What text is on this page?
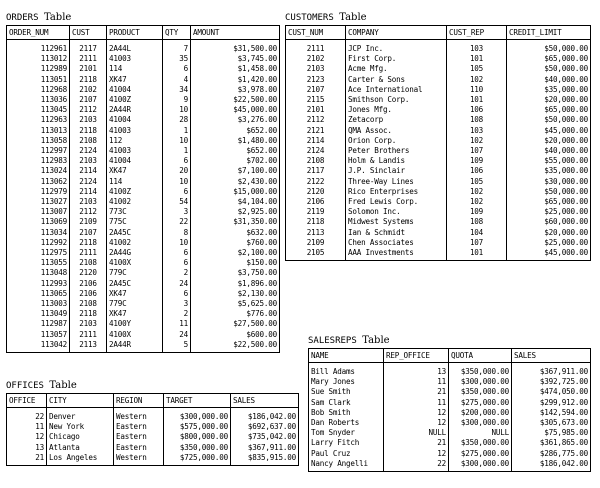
ORDERS Table
ORDER_NUM	CUST	PRODUCT	QTY	AMOUNT
112961	2117	2A44L	7	$31,500.00
113012	2111	41003	35	$3,745.00
112989	2101	114	6	$1,458.00
113051	2118	XK47	4	$1,420.00
112968	2102	41004	34	$3,978.00
113036	2107	4100Z	9	$22,500.00
113045	2112	2A44R	10	$45,000.00
112963	2103	41004	28	$3,276.00
113013	2118	41003	1	$652.00
113058	2108	112	10	$1,480.00
112997	2124	41003	1	$652.00
112983	2103	41004	6	$702.00
113024	2114	XK47	20	$7,100.00
113062	2124	114	10	$2,430.00
112979	2114	4100Z	6	$15,000.00
113027	2103	41002	54	$4,104.00
113007	2112	773C	3	$2,925.00
113069	2109	775C	22	$31,350.00
113034	2107	2A45C	8	$632.00
112992	2118	41002	10	$760.00
112975	2111	2A44G	6	$2,100.00
113055	2108	4100X	6	$150.00
113048	2120	779C	2	$3,750.00
112993	2106	2A45C	24	$1,896.00
113065	2106	XK47	6	$2,130.00
113003	2108	779C	3	$5,625.00
113049	2118	XK47	2	$776.00
112987	2103	4100Y	11	$27,500.00
113057	2111	4100X	24	$600.00
113042	2113	2A44R	5	$22,500.00
CUSTOMERS Table
CUST_NUM	COMPANY	CUST_REP	CREDIT_LIMIT
2111	JCP Inc.	103	$50,000.00
2102	First Corp.	101	$65,000.00
2103	Acme Mfg.	105	$50,000.00
2123	Carter & Sons	102	$40,000.00
2107	Ace International	110	$35,000.00
2115	Smithson Corp.	101	$20,000.00
2101	Jones Mfg.	106	$65,000.00
2112	Zetacorp	108	$50,000.00
2121	QMA Assoc.	103	$45,000.00
2114	Orion Corp.	102	$20,000.00
2124	Peter Brothers	107	$40,000.00
2108	Holm & Landis	109	$55,000.00
2117	J.P. Sinclair	106	$35,000.00
2122	Three-Way Lines	105	$30,000.00
2120	Rico Enterprises	102	$50,000.00
2106	Fred Lewis Corp.	102	$65,000.00
2119	Solomon Inc.	109	$25,000.00
2118	Midwest Systems	108	$60,000.00
2113	Ian & Schmidt	104	$20,000.00
2109	Chen Associates	107	$25,000.00
2105	AAA Investments	101	$45,000.00
SALESREPS Table
NAME	REP_OFFICE	QUOTA	SALES
Bill Adams	13	$350,000.00	$367,911.00
Mary Jones	11	$300,000.00	$392,725.00
Sue Smith	21	$350,000.00	$474,050.00
Sam Clark	11	$275,000.00	$299,912.00
Bob Smith	12	$200,000.00	$142,594.00
Dan Roberts	12	$300,000.00	$305,673.00
Tom Snyder	NULL	NULL	$75,985.00
Larry Fitch	21	$350,000.00	$361,865.00
Paul Cruz	12	$275,000.00	$286,775.00
Nancy Angelli	22	$300,000.00	$186,042.00
OFFICES Table
OFFICE	CITY	REGION	TARGET	SALES
22	Denver	Western	$300,000.00	$186,042.00
11	New York	Eastern	$575,000.00	$692,637.00
12	Chicago	Eastern	$800,000.00	$735,042.00
13	Atlanta	Eastern	$350,000.00	$367,911.00
21	Los Angeles	Western	$725,000.00	$835,915.00
